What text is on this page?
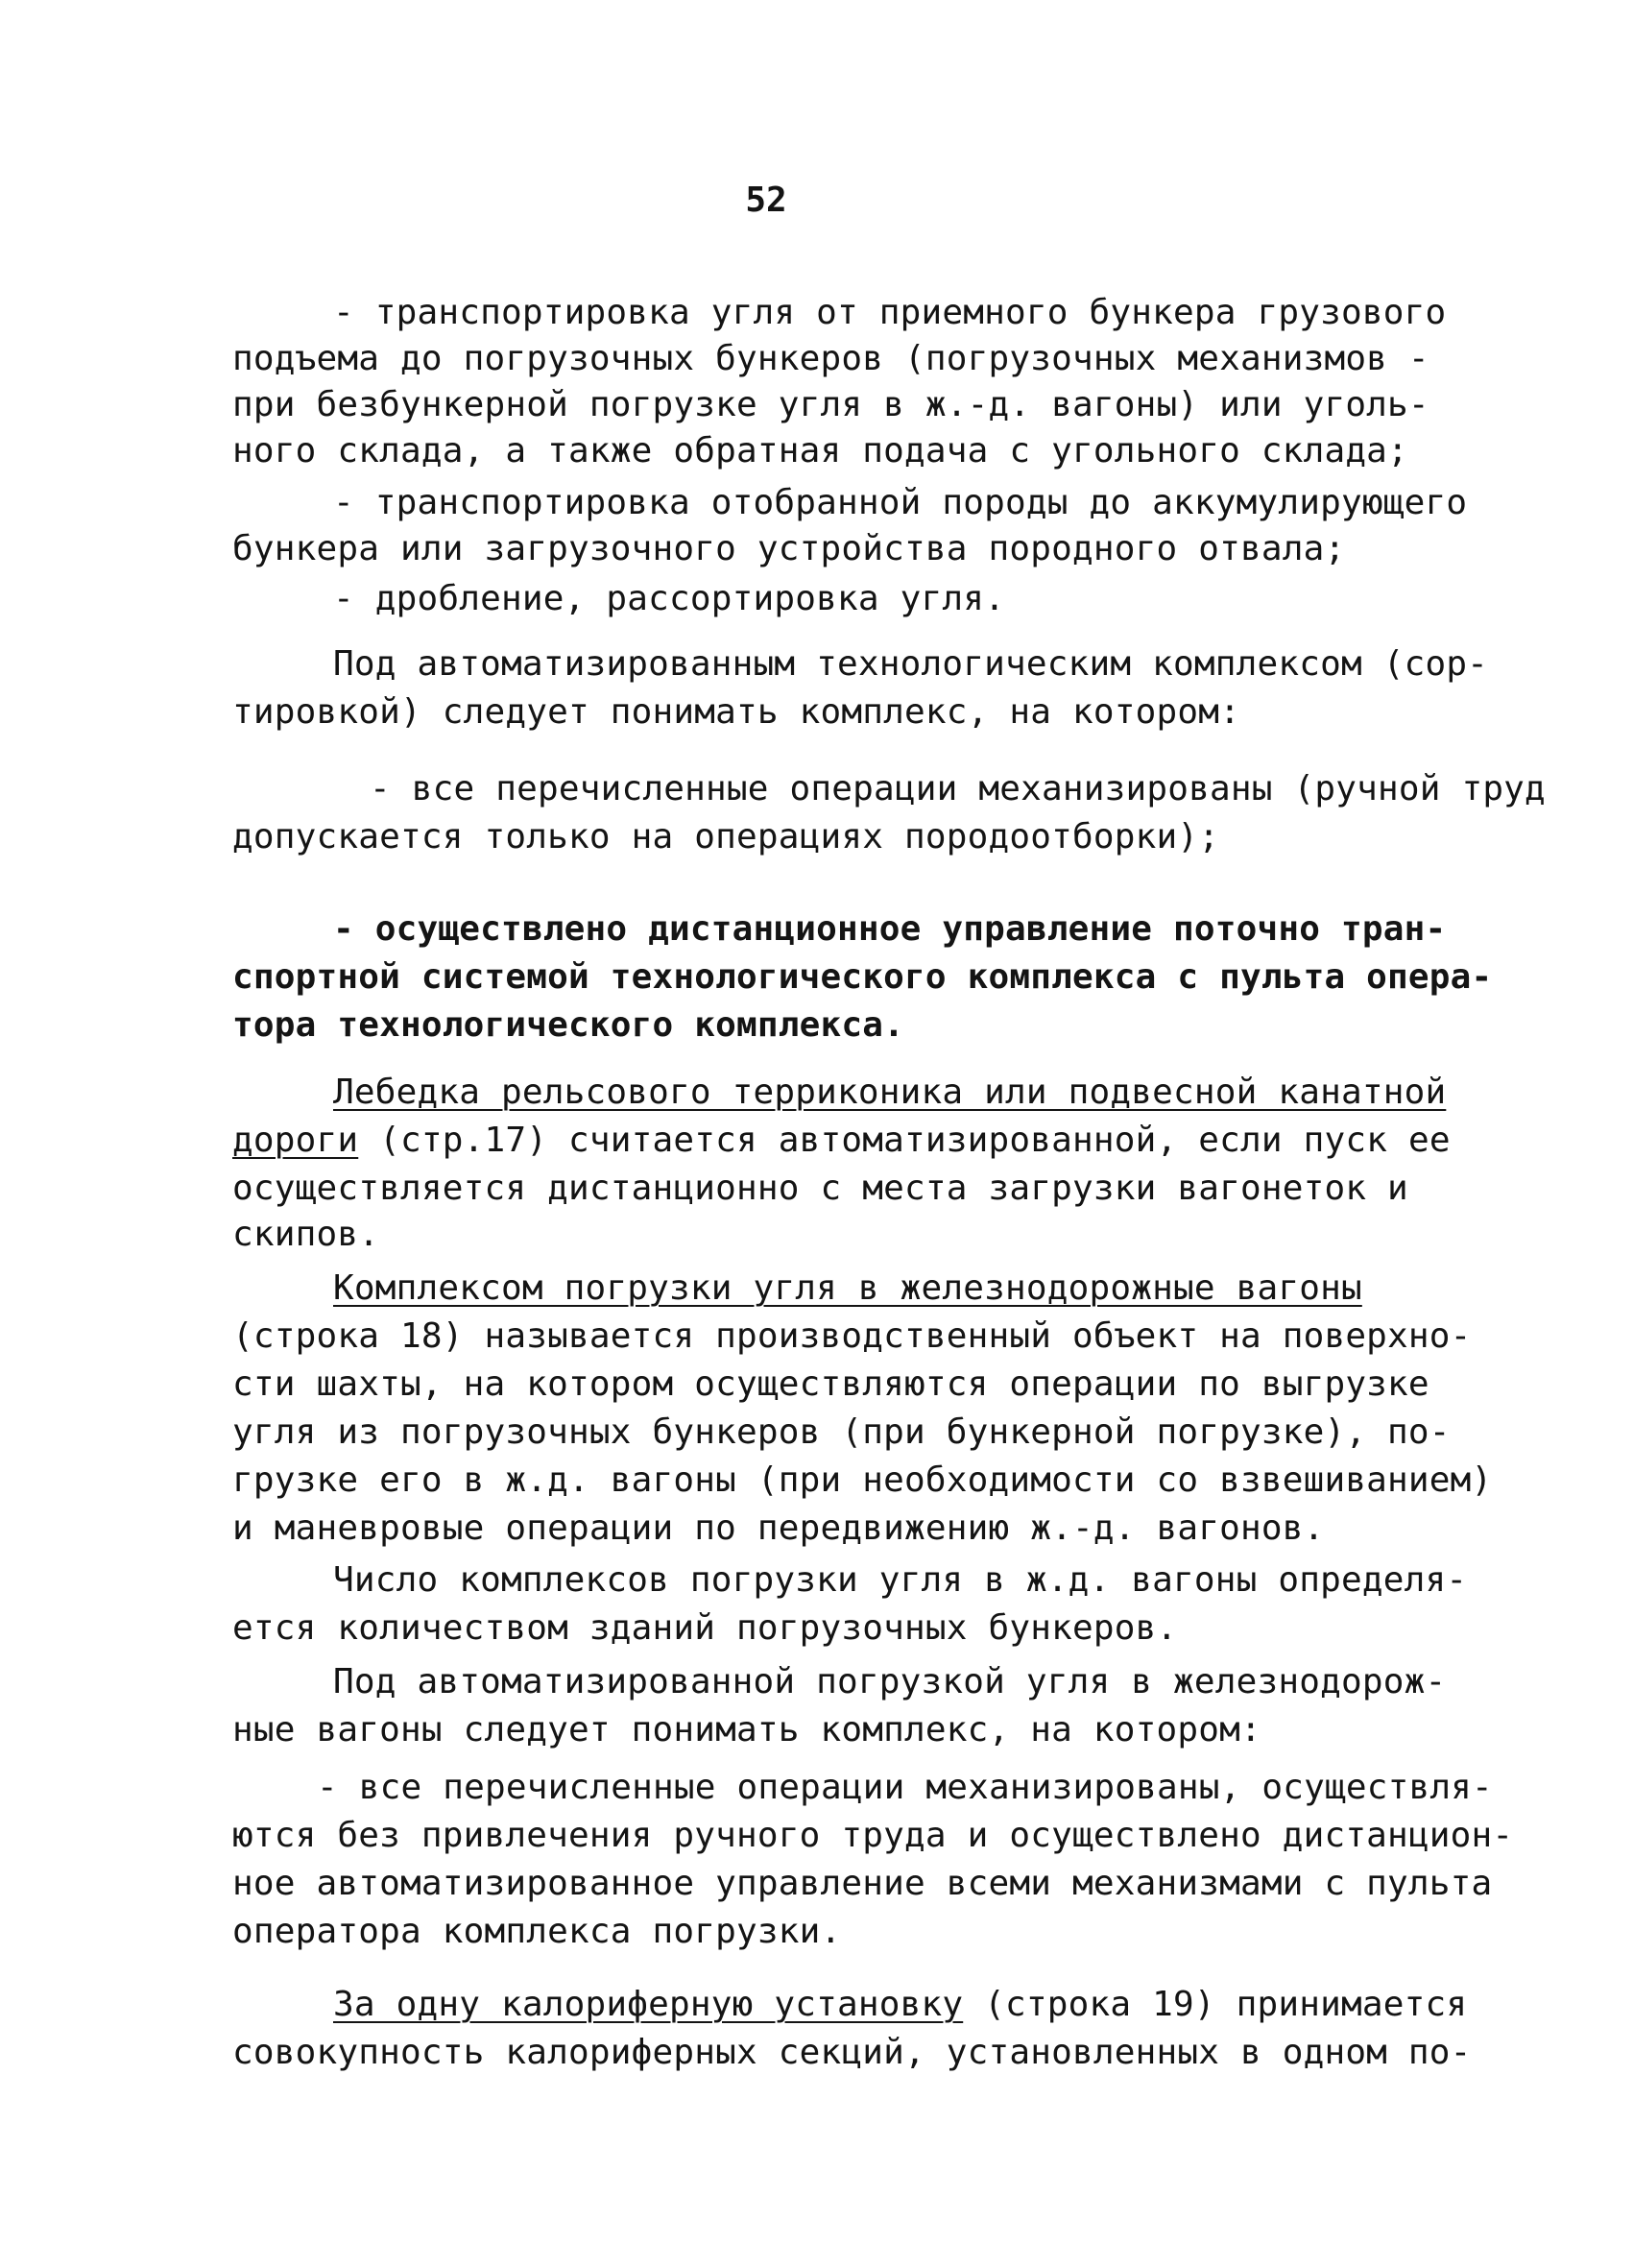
52
- транспортировка угля от приемного бункера грузового
подъема до погрузочных бункеров (погрузочных механизмов -
при безбункерной погрузке угля в ж.-д. вагоны) или уголь-
ного склада, а также обратная подача с угольного склада;
- транспортировка отобранной породы до аккумулирующего
бункера или загрузочного устройства породного отвала;
- дробление, рассортировка угля.
Под автоматизированным технологическим комплексом (сор-
тировкой) следует понимать комплекс, на котором:
- все перечисленные операции механизированы (ручной труд
допускается только на операциях породоотборки);
- осуществлено дистанционное управление поточно тран-
спортной системой технологического комплекса с пульта опера-
тора технологического комплекса.
Лебедка рельсового терриконика или подвесной канатной
дороги (стр.17) считается автоматизированной, если пуск ее
осуществляется дистанционно с места загрузки вагонеток и
скипов.
Комплексом погрузки угля в железнодорожные вагоны
(строка 18) называется производственный объект на поверхно-
сти шахты, на котором осуществляются операции по выгрузке
угля из погрузочных бункеров (при бункерной погрузке), по-
грузке его в ж.д. вагоны (при необходимости со взвешиванием)
и маневровые операции по передвижению ж.-д. вагонов.
Число комплексов погрузки угля в ж.д. вагоны определя-
ется количеством зданий погрузочных бункеров.
Под автоматизированной погрузкой угля в железнодорож-
ные вагоны следует понимать комплекс, на котором:
- все перечисленные операции механизированы, осуществля-
ются без привлечения ручного труда и осуществлено дистанцион-
ное автоматизированное управление всеми механизмами с пульта
оператора комплекса погрузки.
За одну калориферную установку (строка 19) принимается
совокупность калориферных секций, установленных в одном по-
